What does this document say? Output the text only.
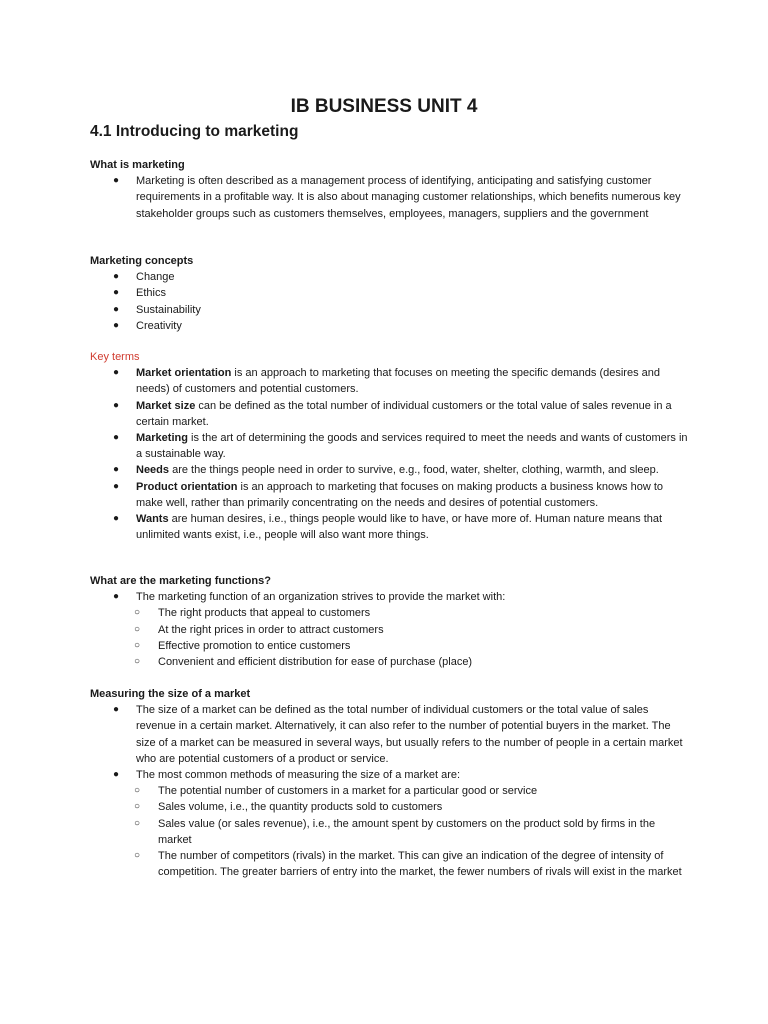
IB BUSINESS UNIT 4
4.1 Introducing to marketing
What is marketing
● Marketing is often described as a management process of identifying, anticipating and satisfying customer requirements in a profitable way. It is also about managing customer relationships, which benefits numerous key stakeholder groups such as customers themselves, employees, managers, suppliers and the government
Marketing concepts
● Change
● Ethics
● Sustainability
● Creativity
Key terms
● Market orientation is an approach to marketing that focuses on meeting the specific demands (desires and needs) of customers and potential customers.
● Market size can be defined as the total number of individual customers or the total value of sales revenue in a certain market.
● Marketing is the art of determining the goods and services required to meet the needs and wants of customers in a sustainable way.
● Needs are the things people need in order to survive, e.g., food, water, shelter, clothing, warmth, and sleep.
● Product orientation is an approach to marketing that focuses on making products a business knows how to make well, rather than primarily concentrating on the needs and desires of potential customers.
● Wants are human desires, i.e., things people would like to have, or have more of. Human nature means that unlimited wants exist, i.e., people will also want more things.
What are the marketing functions?
● The marketing function of an organization strives to provide the market with:
○ The right products that appeal to customers
○ At the right prices in order to attract customers
○ Effective promotion to entice customers
○ Convenient and efficient distribution for ease of purchase (place)
Measuring the size of a market
● The size of a market can be defined as the total number of individual customers or the total value of sales revenue in a certain market. Alternatively, it can also refer to the number of potential buyers in the market. The size of a market can be measured in several ways, but usually refers to the number of people in a certain market who are potential customers of a product or service.
● The most common methods of measuring the size of a market are:
○ The potential number of customers in a market for a particular good or service
○ Sales volume, i.e., the quantity products sold to customers
○ Sales value (or sales revenue), i.e., the amount spent by customers on the product sold by firms in the market
○ The number of competitors (rivals) in the market. This can give an indication of the degree of intensity of competition. The greater barriers of entry into the market, the fewer numbers of rivals will exist in the market
